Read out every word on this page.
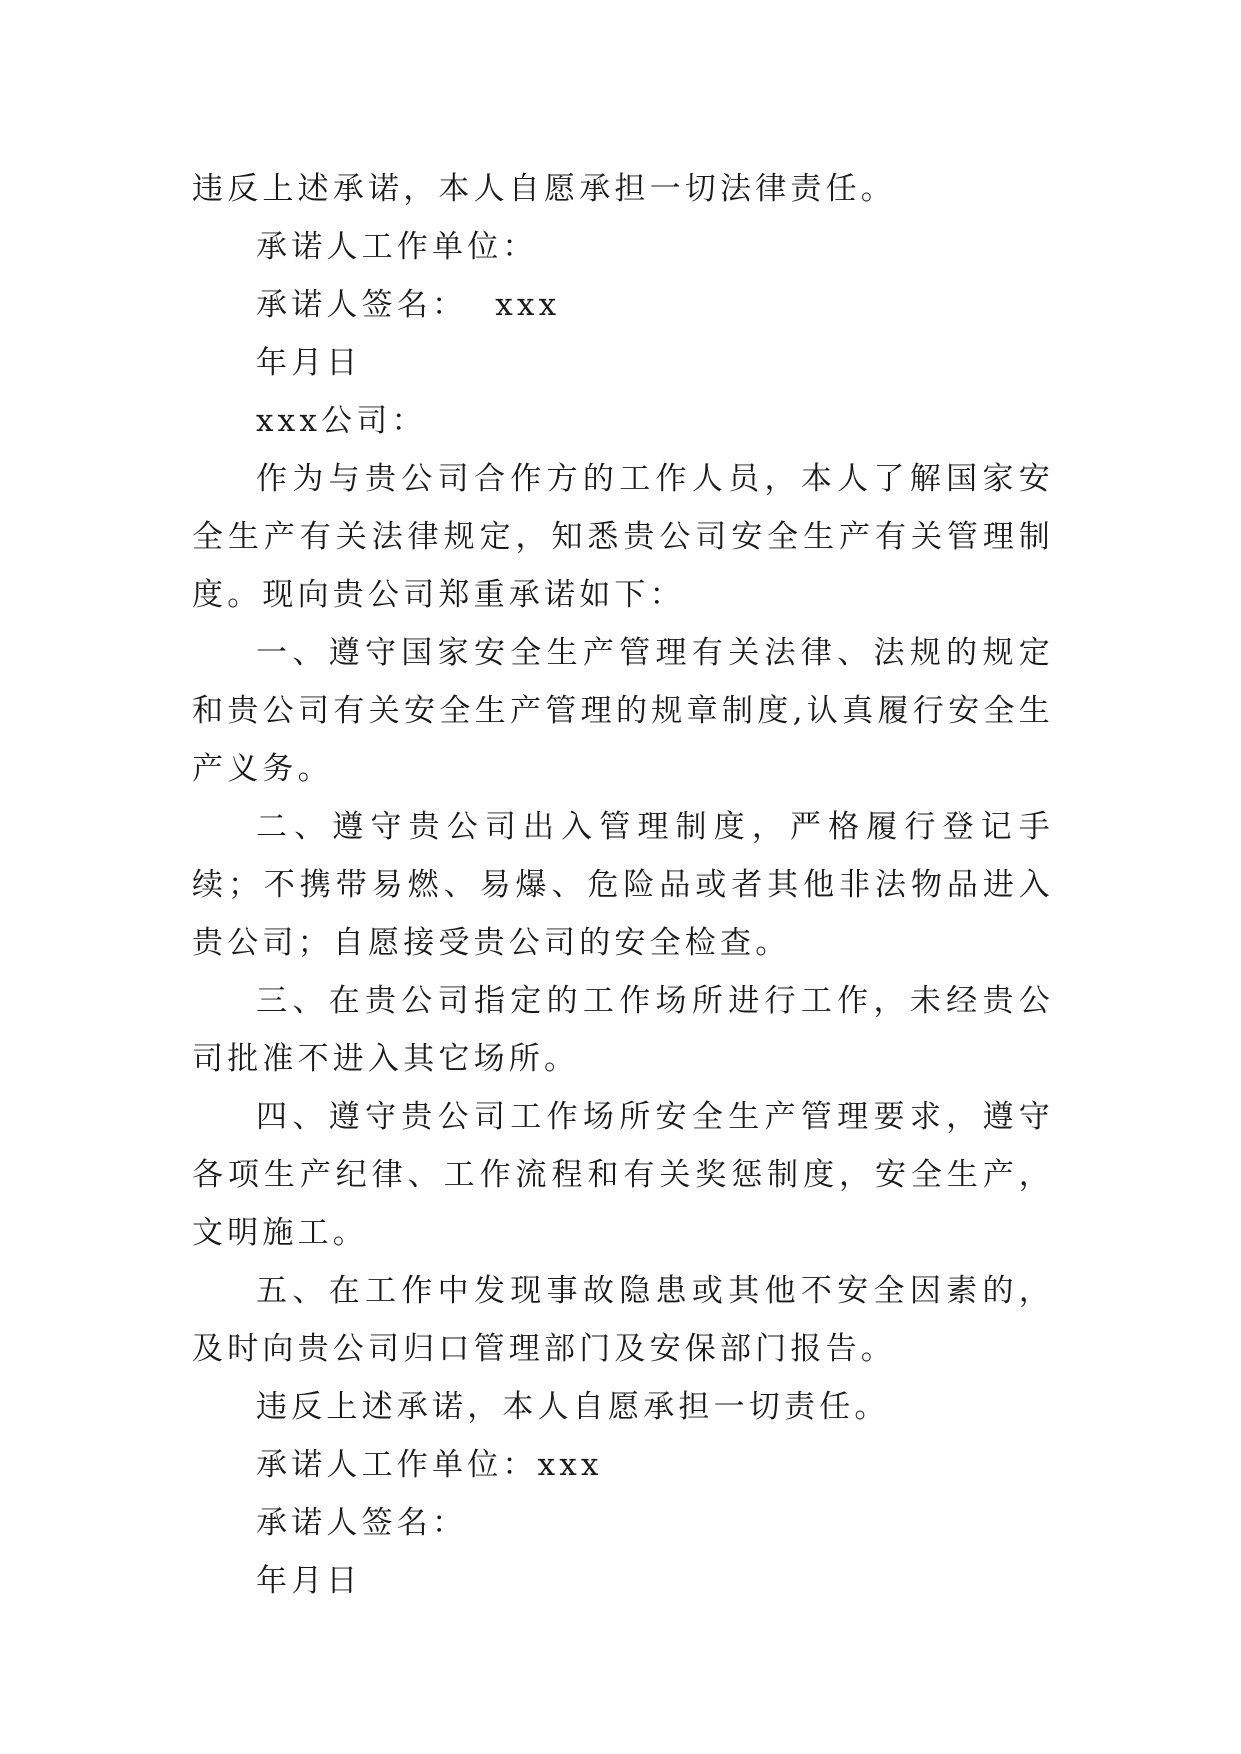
违反上述承诺，本人自愿承担一切法律责任。

承诺人工作单位：

承诺人签名：  xxx

年月日

xxx公司：

作为与贵公司合作方的工作人员，本人了解国家安全生产有关法律规定，知悉贵公司安全生产有关管理制度。现向贵公司郑重承诺如下：

一、遵守国家安全生产管理有关法律、法规的规定和贵公司有关安全生产管理的规章制度,认真履行安全生产义务。

二、遵守贵公司出入管理制度，严格履行登记手续；不携带易燃、易爆、危险品或者其他非法物品进入贵公司；自愿接受贵公司的安全检查。

三、在贵公司指定的工作场所进行工作，未经贵公司批准不进入其它场所。

四、遵守贵公司工作场所安全生产管理要求，遵守各项生产纪律、工作流程和有关奖惩制度，安全生产，文明施工。

五、在工作中发现事故隐患或其他不安全因素的，及时向贵公司归口管理部门及安保部门报告。

违反上述承诺，本人自愿承担一切责任。

承诺人工作单位：xxx

承诺人签名：

年月日
